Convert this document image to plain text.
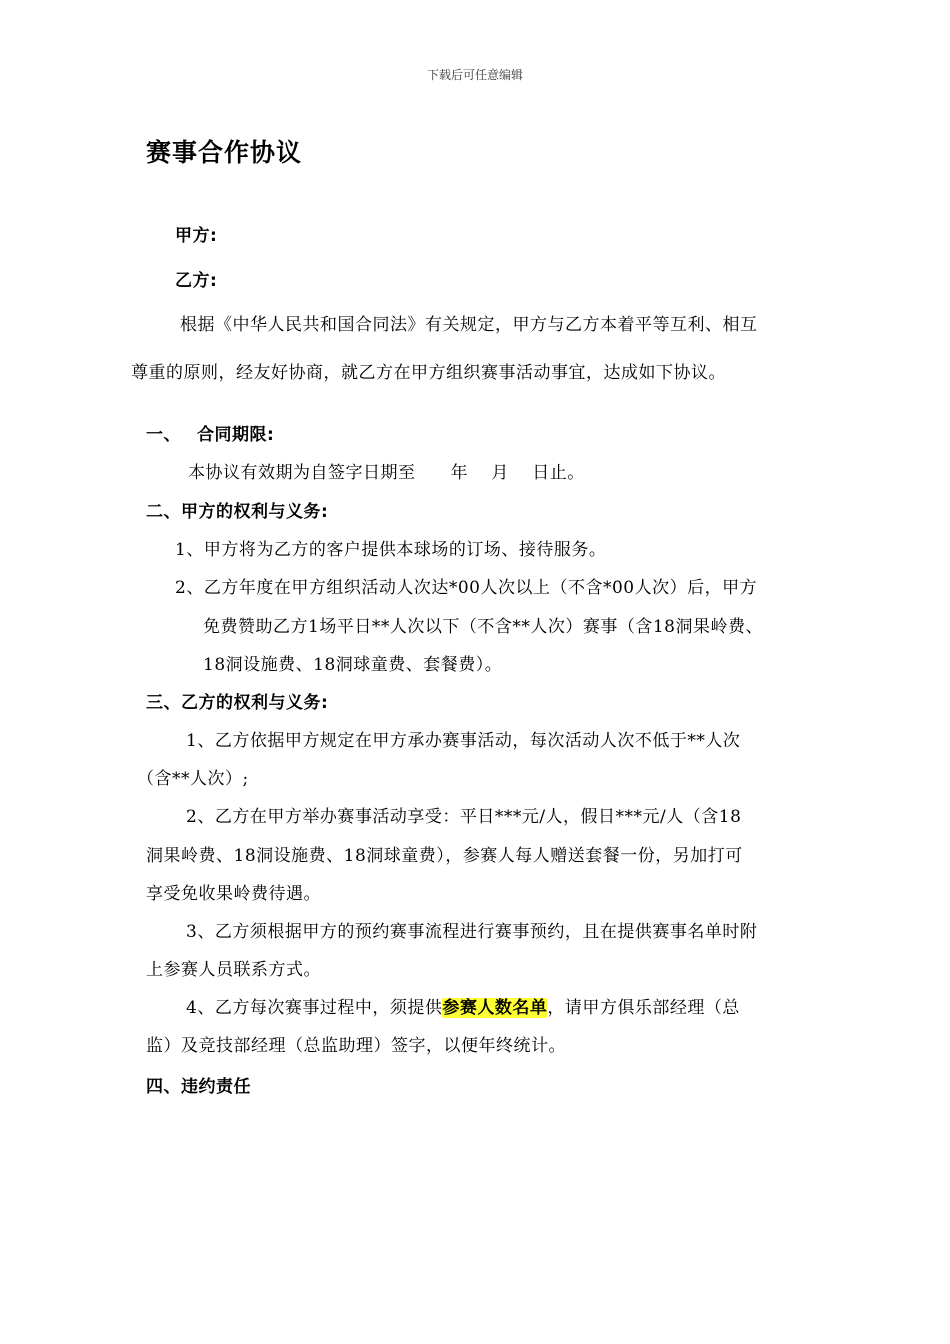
下载后可任意编辑
赛事合作协议
甲方:
乙方:
根据《中华人民共和国合同法》有关规定，甲方与乙方本着平等互利、相互
尊重的原则，经友好协商，就乙方在甲方组织赛事活动事宜，达成如下协议。
一、 合同期限:
本协议有效期为自签字日期至　　年　 月　 日止。
二、甲方的权利与义务:
1、甲方将为乙方的客户提供本球场的订场、接待服务。
2、乙方年度在甲方组织活动人次达*00人次以上（不含*00人次）后，甲方
免费赞助乙方1场平日**人次以下（不含**人次）赛事（含18洞果岭费、
18洞设施费、18洞球童费、套餐费）。
三、乙方的权利与义务:
1、乙方依据甲方规定在甲方承办赛事活动，每次活动人次不低于**人次
（含**人次）;
2、乙方在甲方举办赛事活动享受：平日***元/人，假日***元/人（含18
洞果岭费、18洞设施费、18洞球童费），参赛人每人赠送套餐一份，另加打可
享受免收果岭费待遇。
3、乙方须根据甲方的预约赛事流程进行赛事预约，且在提供赛事名单时附
上参赛人员联系方式。
4、乙方每次赛事过程中，须提供参赛人数名单，请甲方俱乐部经理（总
监）及竞技部经理（总监助理）签字，以便年终统计。
四、违约责任
